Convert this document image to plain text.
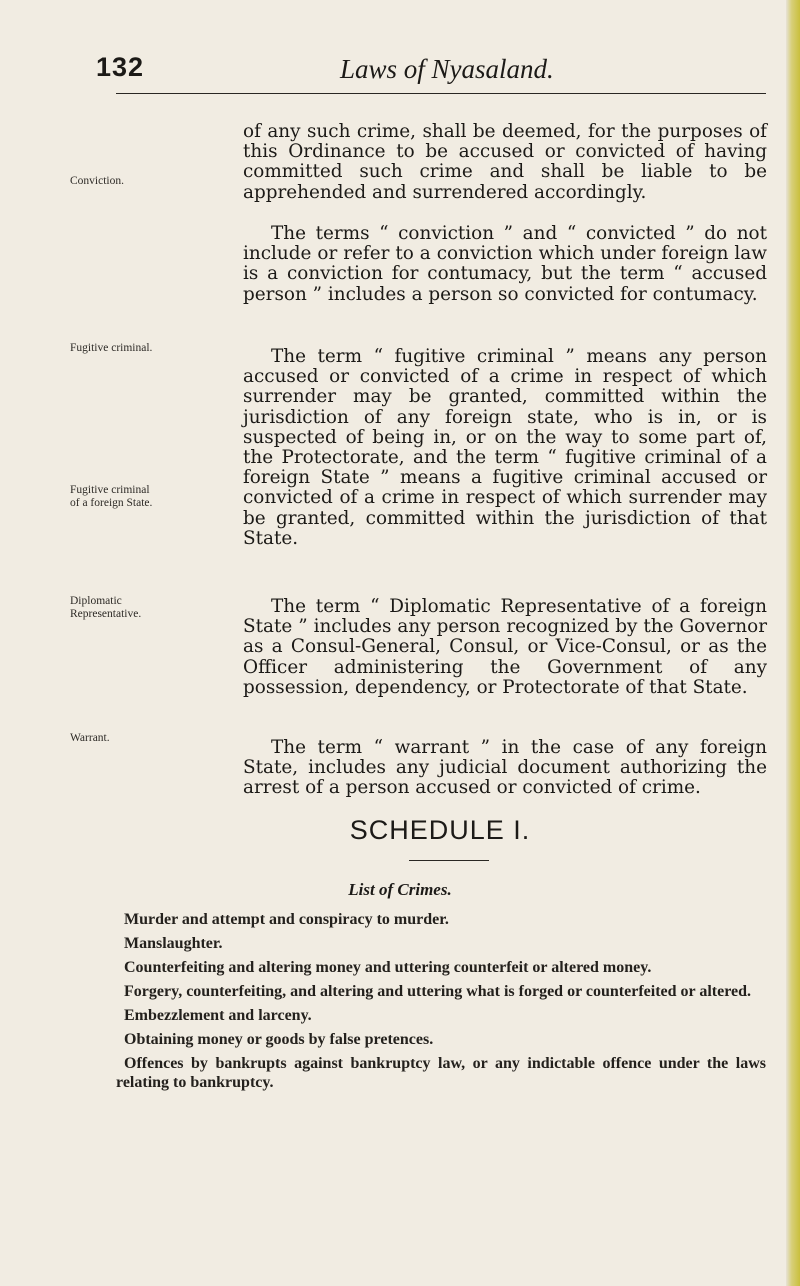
132	Laws of Nyasaland.
Conviction.
Fugitive criminal.
Fugitive criminal of a foreign State.
Diplomatic Representative.
Warrant.

of any such crime, shall be deemed, for the purposes of this Ordinance to be accused or convicted of having committed such crime and shall be liable to be apprehended and surrendered accordingly.

The terms “ conviction ” and “ convicted ” do not include or refer to a conviction which under foreign law is a conviction for contumacy, but the term “ accused person ” includes a person so convicted for contumacy.

The term “ fugitive criminal ” means any person accused or convicted of a crime in respect of which surrender may be granted, committed within the jurisdiction of any foreign state, who is in, or is suspected of being in, or on the way to some part of, the Protectorate, and the term “ fugitive criminal of a foreign State ” means a fugitive criminal accused or convicted of a crime in respect of which surrender may be granted, committed within the jurisdiction of that State.

The term “ Diplomatic Representative of a foreign State ” includes any person recognized by the Governor as a Consul-General, Consul, or Vice-Consul, or as the Officer administering the Government of any possession, dependency, or Protectorate of that State.

The term “ warrant ” in the case of any foreign State, includes any judicial document authorizing the arrest of a person accused or convicted of crime.

SCHEDULE I.
List of Crimes.

Murder and attempt and conspiracy to murder.

Manslaughter.

Counterfeiting and altering money and uttering counterfeit or altered money.

Forgery, counterfeiting, and altering and uttering what is forged or counterfeited or altered.

Embezzlement and larceny.

Obtaining money or goods by false pretences.

Offences by bankrupts against bankruptcy law, or any indictable offence under the laws relating to bankruptcy.
